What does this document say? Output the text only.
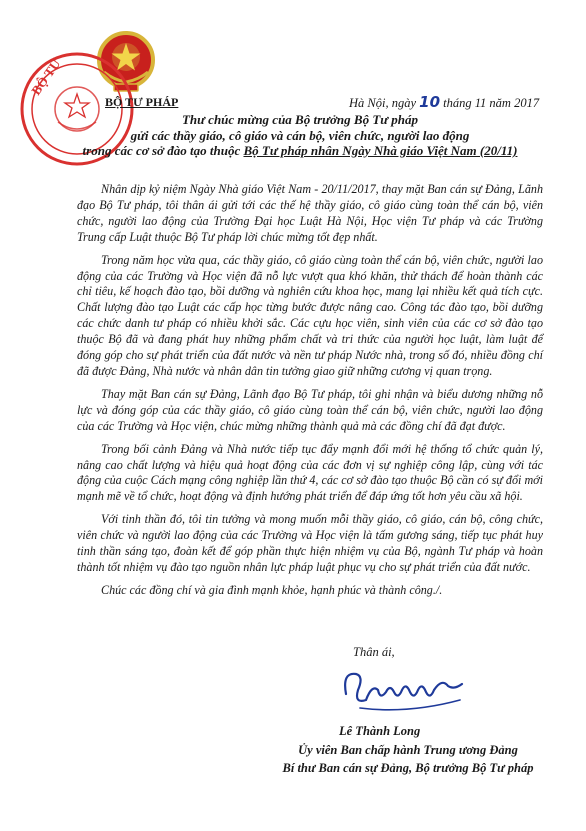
BỘ TƯ
BỘ TƯ PHÁP	Hà Nội, ngày 10 tháng 11 năm 2017
Thư chúc mừng của Bộ trưởng Bộ Tư pháp
gửi các thầy giáo, cô giáo và cán bộ, viên chức, người lao động
trong các cơ sở đào tạo thuộc Bộ Tư pháp nhân Ngày Nhà giáo Việt Nam (20/11)

Nhân dịp kỷ niệm Ngày Nhà giáo Việt Nam - 20/11/2017, thay mặt Ban cán sự Đảng, Lãnh đạo Bộ Tư pháp, tôi thân ái gửi tới các thế hệ thầy giáo, cô giáo cùng toàn thể cán bộ, viên chức, người lao động của Trường Đại học Luật Hà Nội, Học viện Tư pháp và các Trường Trung cấp Luật thuộc Bộ Tư pháp lời chúc mừng tốt đẹp nhất.

Trong năm học vừa qua, các thầy giáo, cô giáo cùng toàn thể cán bộ, viên chức, người lao động của các Trường và Học viện đã nỗ lực vượt qua khó khăn, thử thách để hoàn thành các chỉ tiêu, kế hoạch đào tạo, bồi dưỡng và nghiên cứu khoa học, mang lại nhiều kết quả tích cực. Chất lượng đào tạo Luật các cấp học từng bước được nâng cao. Công tác đào tạo, bồi dưỡng các chức danh tư pháp có nhiều khởi sắc. Các cựu học viên, sinh viên của các cơ sở đào tạo thuộc Bộ đã và đang phát huy những phẩm chất và tri thức của người học luật, làm luật để đóng góp cho sự phát triển của đất nước và nền tư pháp Nước nhà, trong số đó, nhiều đồng chí đã được Đảng, Nhà nước và nhân dân tin tưởng giao giữ những cương vị quan trọng.

Thay mặt Ban cán sự Đảng, Lãnh đạo Bộ Tư pháp, tôi ghi nhận và biểu dương những nỗ lực và đóng góp của các thầy giáo, cô giáo cùng toàn thể cán bộ, viên chức, người lao động của các Trường và Học viện, chúc mừng những thành quả mà các đồng chí đã đạt được.

Trong bối cảnh Đảng và Nhà nước tiếp tục đẩy mạnh đổi mới hệ thống tổ chức quản lý, nâng cao chất lượng và hiệu quả hoạt động của các đơn vị sự nghiệp công lập, cùng với tác động của cuộc Cách mạng công nghiệp lần thứ 4, các cơ sở đào tạo thuộc Bộ cần có sự đổi mới mạnh mẽ về tổ chức, hoạt động và định hướng phát triển để đáp ứng tốt hơn yêu cầu xã hội.

Với tinh thần đó, tôi tin tưởng và mong muốn mỗi thầy giáo, cô giáo, cán bộ, công chức, viên chức và người lao động của các Trường và Học viện là tấm gương sáng, tiếp tục phát huy tinh thần sáng tạo, đoàn kết để góp phần thực hiện nhiệm vụ của Bộ, ngành Tư pháp và hoàn thành tốt nhiệm vụ đào tạo nguồn nhân lực pháp luật phục vụ cho sự phát triển của đất nước.

Chúc các đồng chí và gia đình mạnh khỏe, hạnh phúc và thành công./.

Thân ái,
Lê Thành Long
Ủy viên Ban chấp hành Trung ương Đảng
Bí thư Ban cán sự Đảng, Bộ trưởng Bộ Tư pháp
